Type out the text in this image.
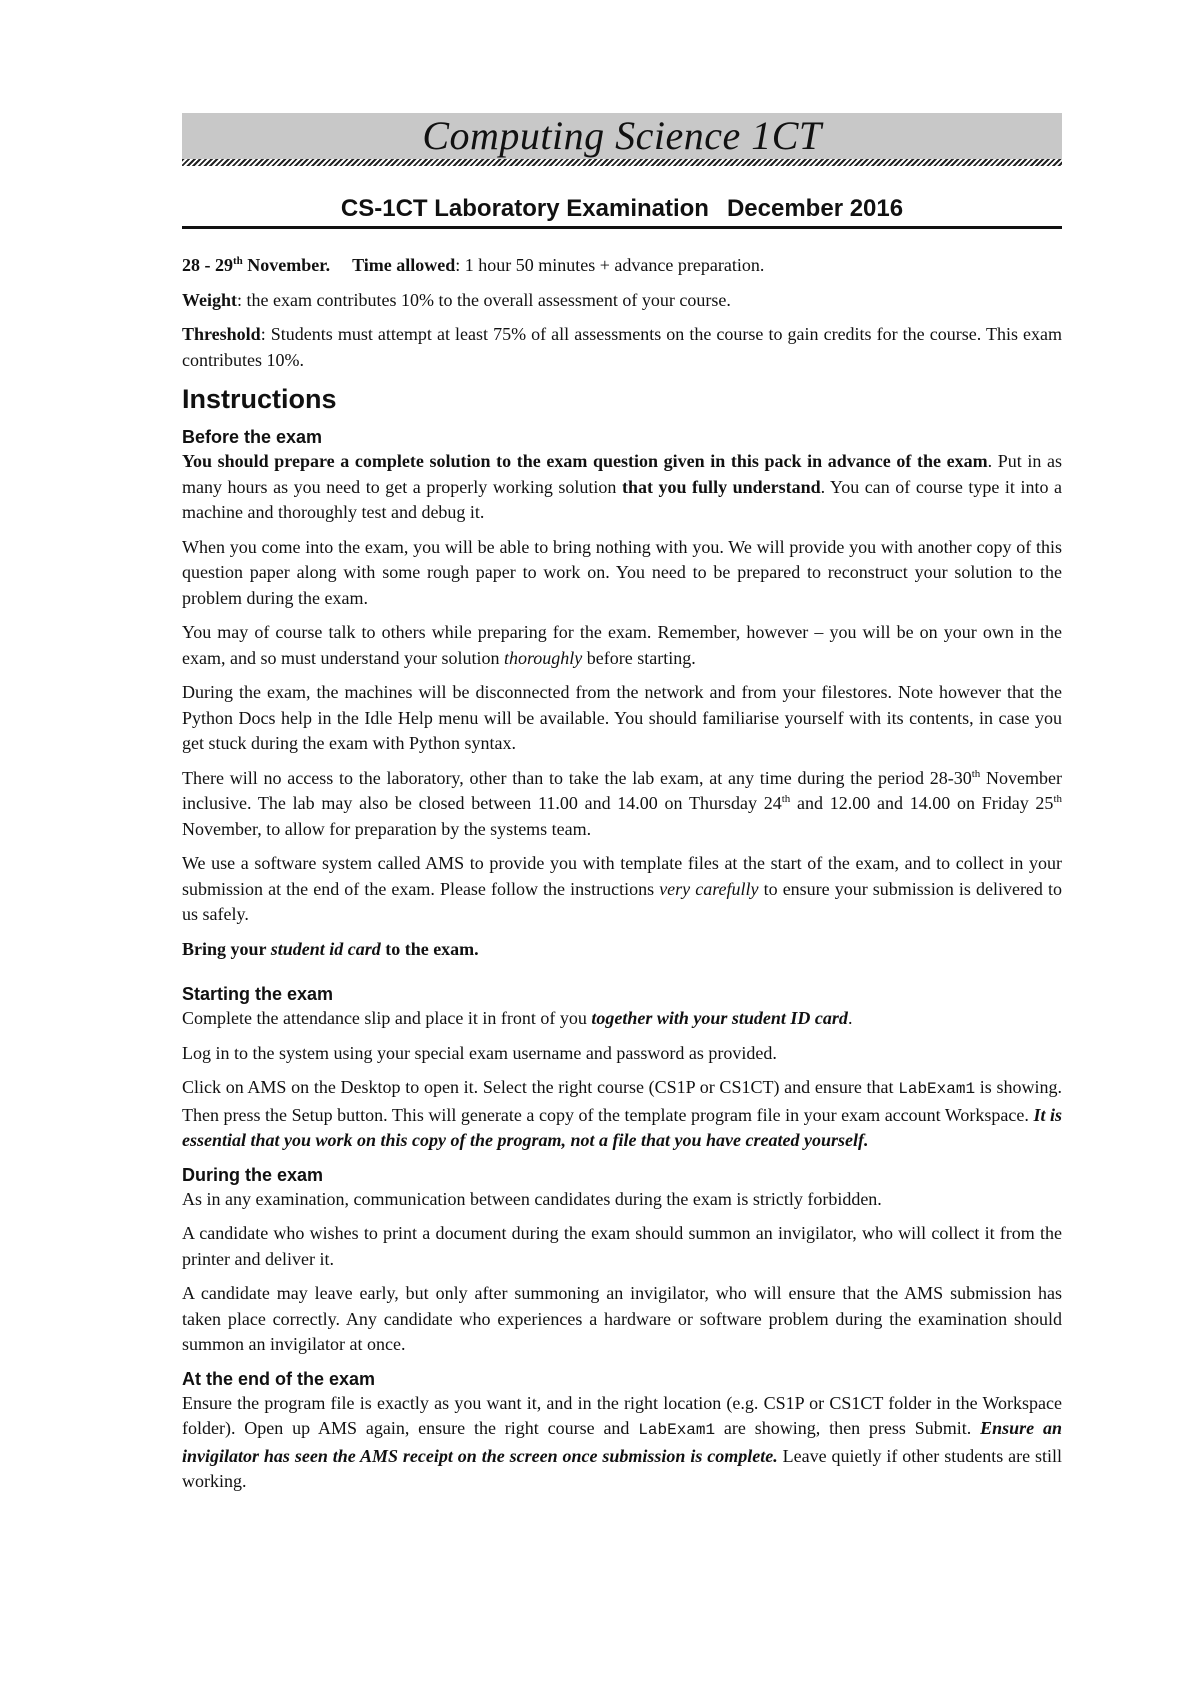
Computing Science 1CT
CS-1CT Laboratory Examination December 2016

28 - 29th November. Time allowed: 1 hour 50 minutes + advance preparation.

Weight: the exam contributes 10% to the overall assessment of your course.

Threshold: Students must attempt at least 75% of all assessments on the course to gain credits for the course. This exam contributes 10%.

Instructions
Before the exam

You should prepare a complete solution to the exam question given in this pack in advance of the exam. Put in as many hours as you need to get a properly working solution that you fully understand. You can of course type it into a machine and thoroughly test and debug it.

When you come into the exam, you will be able to bring nothing with you. We will provide you with another copy of this question paper along with some rough paper to work on. You need to be prepared to reconstruct your solution to the problem during the exam.

You may of course talk to others while preparing for the exam. Remember, however – you will be on your own in the exam, and so must understand your solution thoroughly before starting.

During the exam, the machines will be disconnected from the network and from your filestores. Note however that the Python Docs help in the Idle Help menu will be available. You should familiarise yourself with its contents, in case you get stuck during the exam with Python syntax.

There will no access to the laboratory, other than to take the lab exam, at any time during the period 28-30th November inclusive. The lab may also be closed between 11.00 and 14.00 on Thursday 24th and 12.00 and 14.00 on Friday 25th November, to allow for preparation by the systems team.

We use a software system called AMS to provide you with template files at the start of the exam, and to collect in your submission at the end of the exam. Please follow the instructions very carefully to ensure your submission is delivered to us safely.

Bring your student id card to the exam.

Starting the exam

Complete the attendance slip and place it in front of you together with your student ID card.

Log in to the system using your special exam username and password as provided.

Click on AMS on the Desktop to open it. Select the right course (CS1P or CS1CT) and ensure that LabExam1 is showing. Then press the Setup button. This will generate a copy of the template program file in your exam account Workspace. It is essential that you work on this copy of the program, not a file that you have created yourself.

During the exam

As in any examination, communication between candidates during the exam is strictly forbidden.

A candidate who wishes to print a document during the exam should summon an invigilator, who will collect it from the printer and deliver it.

A candidate may leave early, but only after summoning an invigilator, who will ensure that the AMS submission has taken place correctly. Any candidate who experiences a hardware or software problem during the examination should summon an invigilator at once.

At the end of the exam

Ensure the program file is exactly as you want it, and in the right location (e.g. CS1P or CS1CT folder in the Workspace folder). Open up AMS again, ensure the right course and LabExam1 are showing, then press Submit. Ensure an invigilator has seen the AMS receipt on the screen once submission is complete. Leave quietly if other students are still working.
